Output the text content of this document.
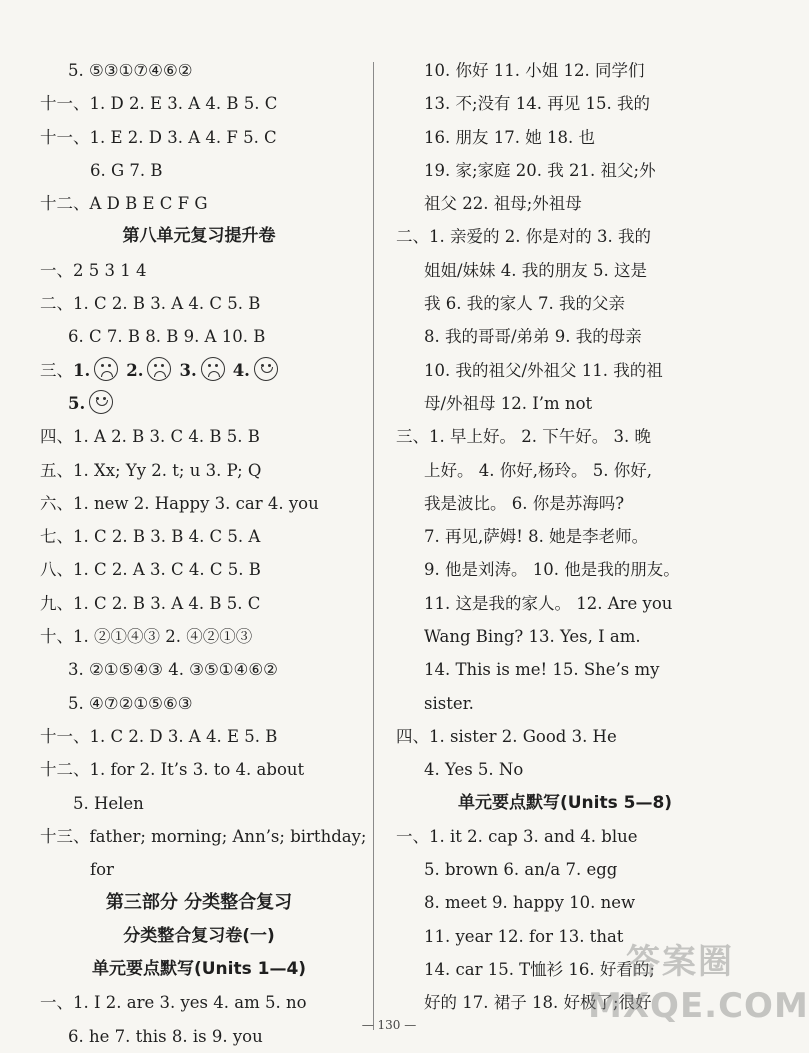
5. ⑤③①⑦④⑥②
十一、1. D 2. E 3. A 4. B 5. C
十一、1. E 2. D 3. A 4. F 5. C
6. G 7. B
十二、A D B E C F G
第八单元复习提升卷
一、2 5 3 1 4
二、1. C 2. B 3. A 4. C 5. B
6. C 7. B 8. B 9. A 10. B
三、1. 2. 3. 4.
5.
四、1. A 2. B 3. C 4. B 5. B
五、1. Xx; Yy 2. t; u 3. P; Q
六、1. new 2. Happy 3. car 4. you
七、1. C 2. B 3. B 4. C 5. A
八、1. C 2. A 3. C 4. C 5. B
九、1. C 2. B 3. A 4. B 5. C
十、1. ②①④③ 2. ④②①③
3. ②①⑤④③ 4. ③⑤①④⑥②
5. ④⑦②①⑤⑥③
十一、1. C 2. D 3. A 4. E 5. B
十二、1. for 2. It’s 3. to 4. about
5. Helen
十三、father; morning; Ann’s; birthday;
for
第三部分 分类整合复习
分类整合复习卷(一)
单元要点默写(Units 1—4)
一、1. I 2. are 3. yes 4. am 5. no
6. he 7. this 8. is 9. you
10. 你好 11. 小姐 12. 同学们
13. 不;没有 14. 再见 15. 我的
16. 朋友 17. 她 18. 也
19. 家;家庭 20. 我 21. 祖父;外
祖父 22. 祖母;外祖母
二、1. 亲爱的 2. 你是对的 3. 我的
姐姐/妹妹 4. 我的朋友 5. 这是
我 6. 我的家人 7. 我的父亲
8. 我的哥哥/弟弟 9. 我的母亲
10. 我的祖父/外祖父 11. 我的祖
母/外祖母 12. I’m not
三、1. 早上好。 2. 下午好。 3. 晚
上好。 4. 你好,杨玲。 5. 你好,
我是波比。 6. 你是苏海吗?
7. 再见,萨姆! 8. 她是李老师。
9. 他是刘涛。 10. 他是我的朋友。
11. 这是我的家人。 12. Are you
Wang Bing? 13. Yes, I am.
14. This is me! 15. She’s my
sister.
四、1. sister 2. Good 3. He
4. Yes 5. No
单元要点默写(Units 5—8)
一、1. it 2. cap 3. and 4. blue
5. brown 6. an/a 7. egg
8. meet 9. happy 10. new
11. year 12. for 13. that
14. car 15. T恤衫 16. 好看的;
好的 17. 裙子 18. 好极了;很好
— 130 —
答案圈
MXQE.COM
